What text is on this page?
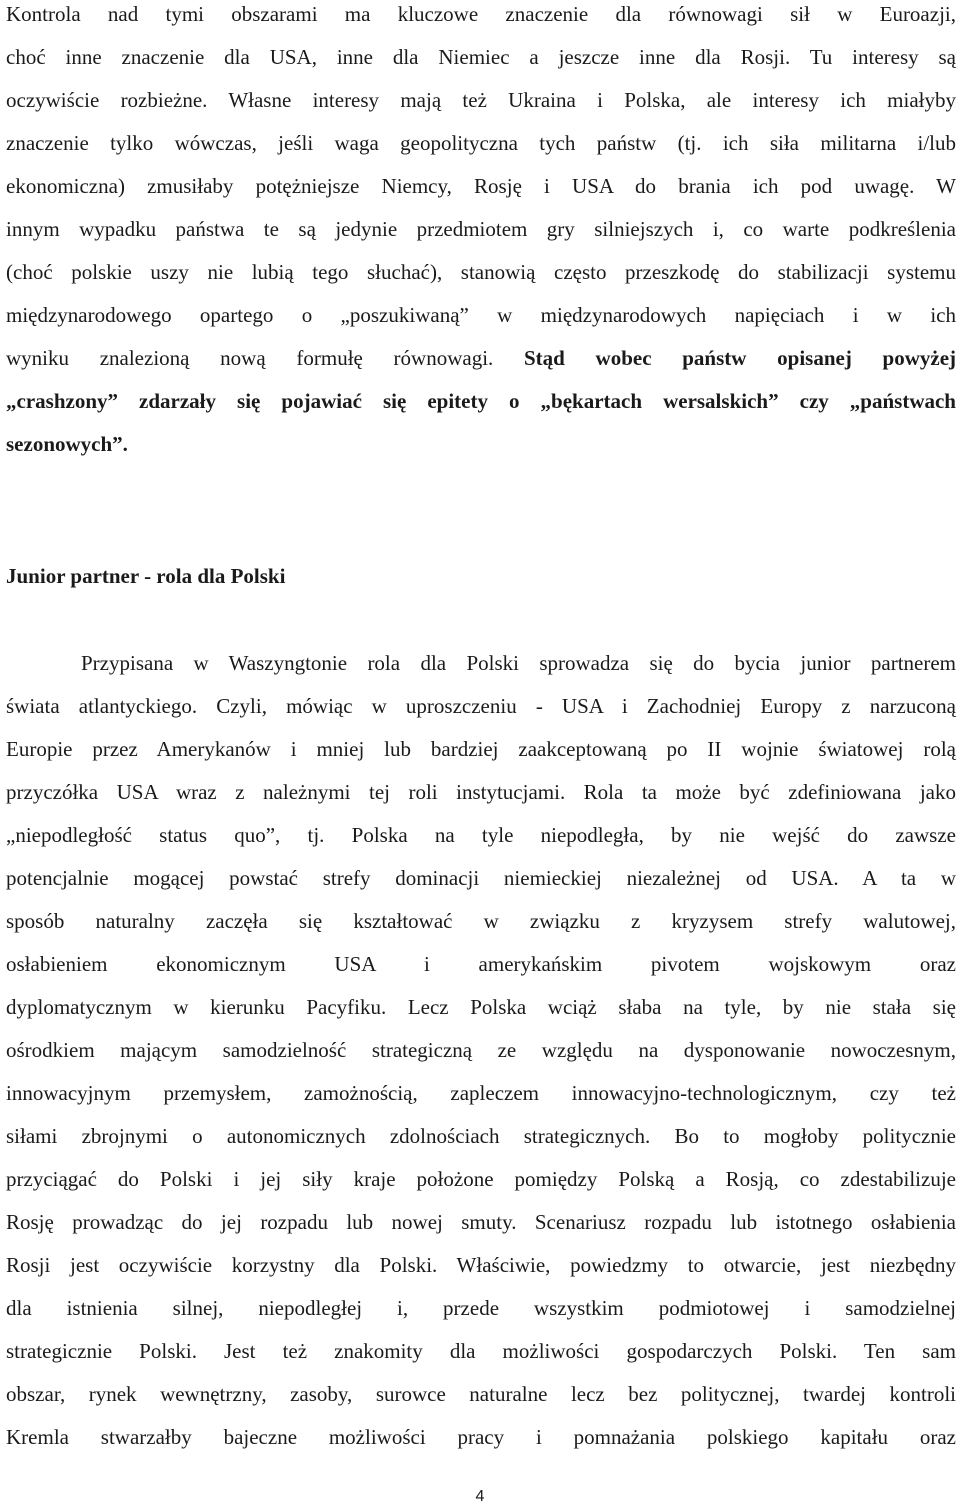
Kontrola nad tymi obszarami ma kluczowe znaczenie dla równowagi sił w Euroazji,
choć inne znaczenie dla USA, inne dla Niemiec a jeszcze inne dla Rosji. Tu interesy są
oczywiście rozbieżne. Własne interesy mają też Ukraina i Polska, ale interesy ich miałyby
znaczenie tylko wówczas, jeśli waga geopolityczna tych państw (tj. ich siła militarna i/lub
ekonomiczna) zmusiłaby potężniejsze Niemcy, Rosję i USA do brania ich pod uwagę. W
innym wypadku państwa te są jedynie przedmiotem gry silniejszych i, co warte podkreślenia
(choć polskie uszy nie lubią tego słuchać), stanowią często przeszkodę do stabilizacji systemu
międzynarodowego opartego o „poszukiwaną” w międzynarodowych napięciach i w ich
wyniku znalezioną nową formułę równowagi. Stąd wobec państw opisanej powyżej
„crashzony” zdarzały się pojawiać się epitety o „bękartach wersalskich” czy „państwach
sezonowych”.
Junior partner - rola dla Polski
Przypisana w Waszyngtonie rola dla Polski sprowadza się do bycia junior partnerem
świata atlantyckiego. Czyli, mówiąc w uproszczeniu - USA i Zachodniej Europy z narzuconą
Europie przez Amerykanów i mniej lub bardziej zaakceptowaną po II wojnie światowej rolą
przyczółka USA wraz z należnymi tej roli instytucjami. Rola ta może być zdefiniowana jako
„niepodległość status quo”, tj. Polska na tyle niepodległa, by nie wejść do zawsze
potencjalnie mogącej powstać strefy dominacji niemieckiej niezależnej od USA. A ta w
sposób naturalny zaczęła się kształtować w związku z kryzysem strefy walutowej,
osłabieniem ekonomicznym USA i amerykańskim pivotem wojskowym oraz
dyplomatycznym w kierunku Pacyfiku. Lecz Polska wciąż słaba na tyle, by nie stała się
ośrodkiem mającym samodzielność strategiczną ze względu na dysponowanie nowoczesnym,
innowacyjnym przemysłem, zamożnością, zapleczem innowacyjno-technologicznym, czy też
siłami zbrojnymi o autonomicznych zdolnościach strategicznych. Bo to mogłoby politycznie
przyciągać do Polski i jej siły kraje położone pomiędzy Polską a Rosją, co zdestabilizuje
Rosję prowadząc do jej rozpadu lub nowej smuty. Scenariusz rozpadu lub istotnego osłabienia
Rosji jest oczywiście korzystny dla Polski. Właściwie, powiedzmy to otwarcie, jest niezbędny
dla istnienia silnej, niepodległej i, przede wszystkim podmiotowej i samodzielnej
strategicznie Polski. Jest też znakomity dla możliwości gospodarczych Polski. Ten sam
obszar, rynek wewnętrzny, zasoby, surowce naturalne lecz bez politycznej, twardej kontroli
Kremla stwarzałby bajeczne możliwości pracy i pomnażania polskiego kapitału oraz
4
